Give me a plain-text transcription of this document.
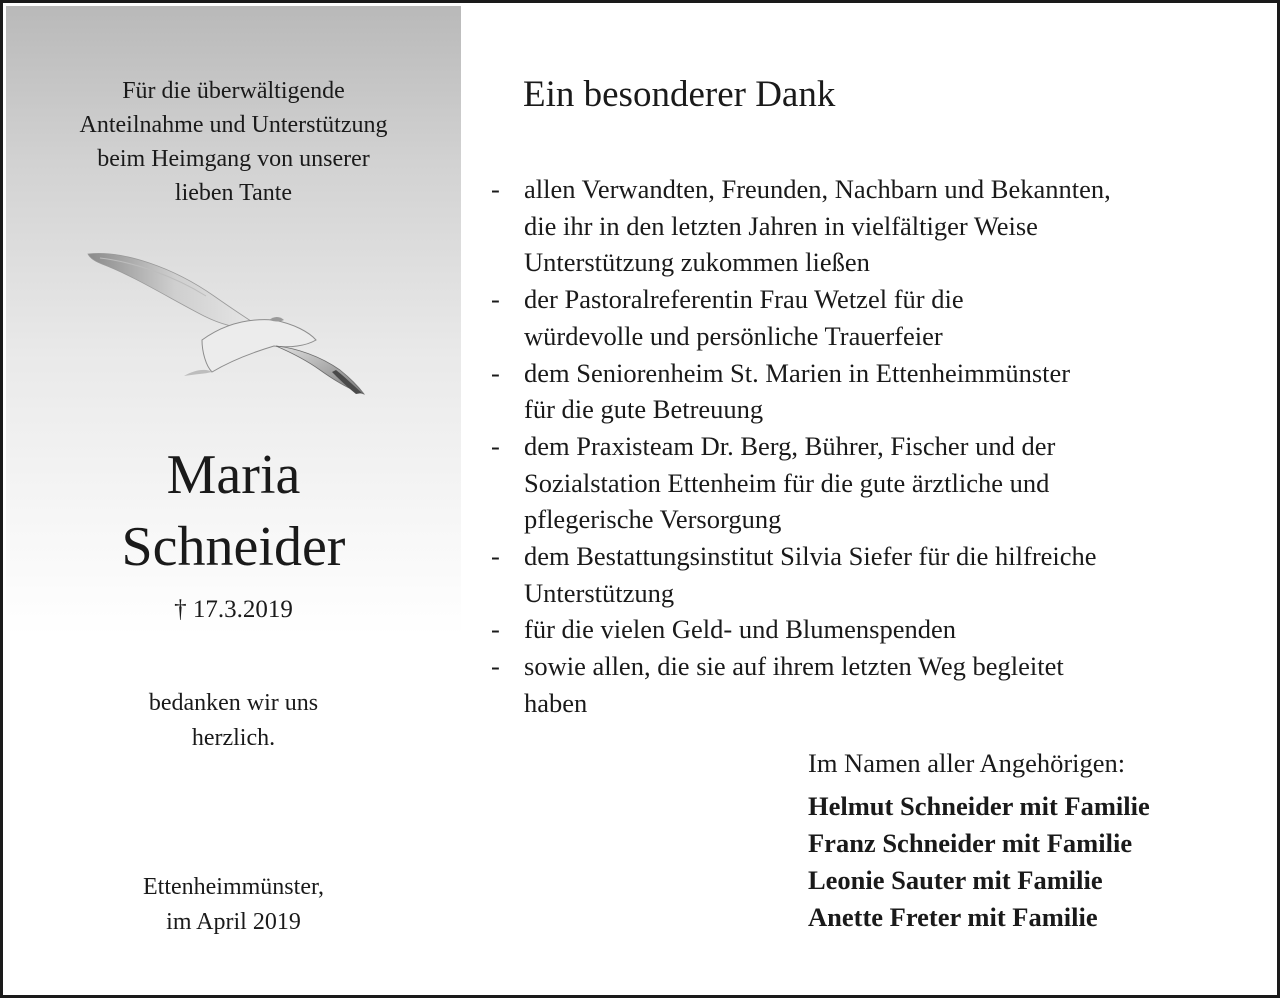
Für die überwältigende
Anteilnahme und Unterstützung
beim Heimgang von unserer
lieben Tante

Maria
Schneider
† 17.3.2019
bedanken wir uns
herzlich.
Ettenheimmünster,
im April 2019
Ein besonderer Dank
- allen Verwandten, Freunden, Nachbarn und Bekannten,
die ihr in den letzten Jahren in vielfältiger Weise
Unterstützung zukommen ließen
- der Pastoralreferentin Frau Wetzel für die
würdevolle und persönliche Trauerfeier
- dem Seniorenheim St. Marien in Ettenheimmünster
für die gute Betreuung
- dem Praxisteam Dr. Berg, Bührer, Fischer und der
Sozialstation Ettenheim für die gute ärztliche und
pflegerische Versorgung
- dem Bestattungsinstitut Silvia Siefer für die hilfreiche
Unterstützung
- für die vielen Geld- und Blumenspenden
- sowie allen, die sie auf ihrem letzten Weg begleitet
haben
Im Namen aller Angehörigen:
Helmut Schneider mit Familie
Franz Schneider mit Familie
Leonie Sauter mit Familie
Anette Freter mit Familie
